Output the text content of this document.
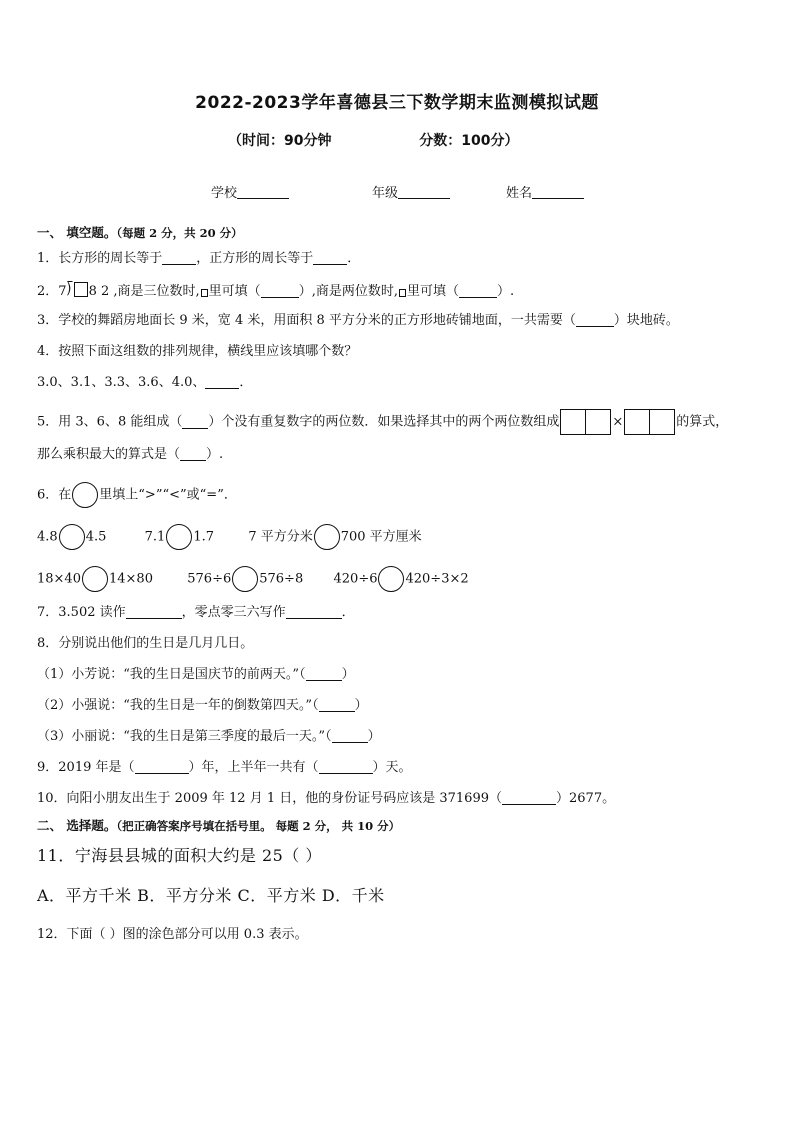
2022-2023学年喜德县三下数学期末监测模拟试题
（时间：90分钟                  分数：100分）
学校	年级	姓名
一、 填空题。（每题 2 分，共 20 分）
1．长方形的周长等于	，正方形的周长等于	．
2．7⟌ 8 2 ,商是三位数时, 里可填（	）,商是两位数时, 里可填（	）.
3．学校的舞蹈房地面长 9 米，宽 4 米，用面积 8 平方分米的正方形地砖铺地面，一共需要（	）块地砖。
4．按照下面这组数的排列规律，横线里应该填哪个数？
3.0、3.1、3.3、3.6、4.0、	．
5．用 3、6、8 能组成（ ）个没有重复数字的两位数．如果选择其中的两个两位数组成	×	的算式，
那么乘积最大的算式是（ ）.
6．在 里填上“>”“<”或“=”．
4.8 4.5	7.1 1.7	7 平方分米 700 平方厘米
18×40 14×80	576÷6 576÷8 420÷6 420÷3×2
7．3.502 读作	，零点零三六写作	．
8．分别说出他们的生日是几月几日。
（1）小芳说：“我的生日是国庆节的前两天。”（	）
（2）小强说：“我的生日是一年的倒数第四天。”（	）
（3）小丽说：“我的生日是第三季度的最后一天。”（	）
9．2019 年是（	）年，上半年一共有（	）天。
10．向阳小朋友出生于 2009 年 12 月 1 日，他的身份证号码应该是 371699（	）2677。
二、 选择题。（把正确答案序号填在括号里。 每题 2 分， 共 10 分）
11．宁海县县城的面积大约是 25（ ）
A．平方千米 B．平方分米 C．平方米 D．千米
12．下面（ ）图的涂色部分可以用 0.3 表示。
